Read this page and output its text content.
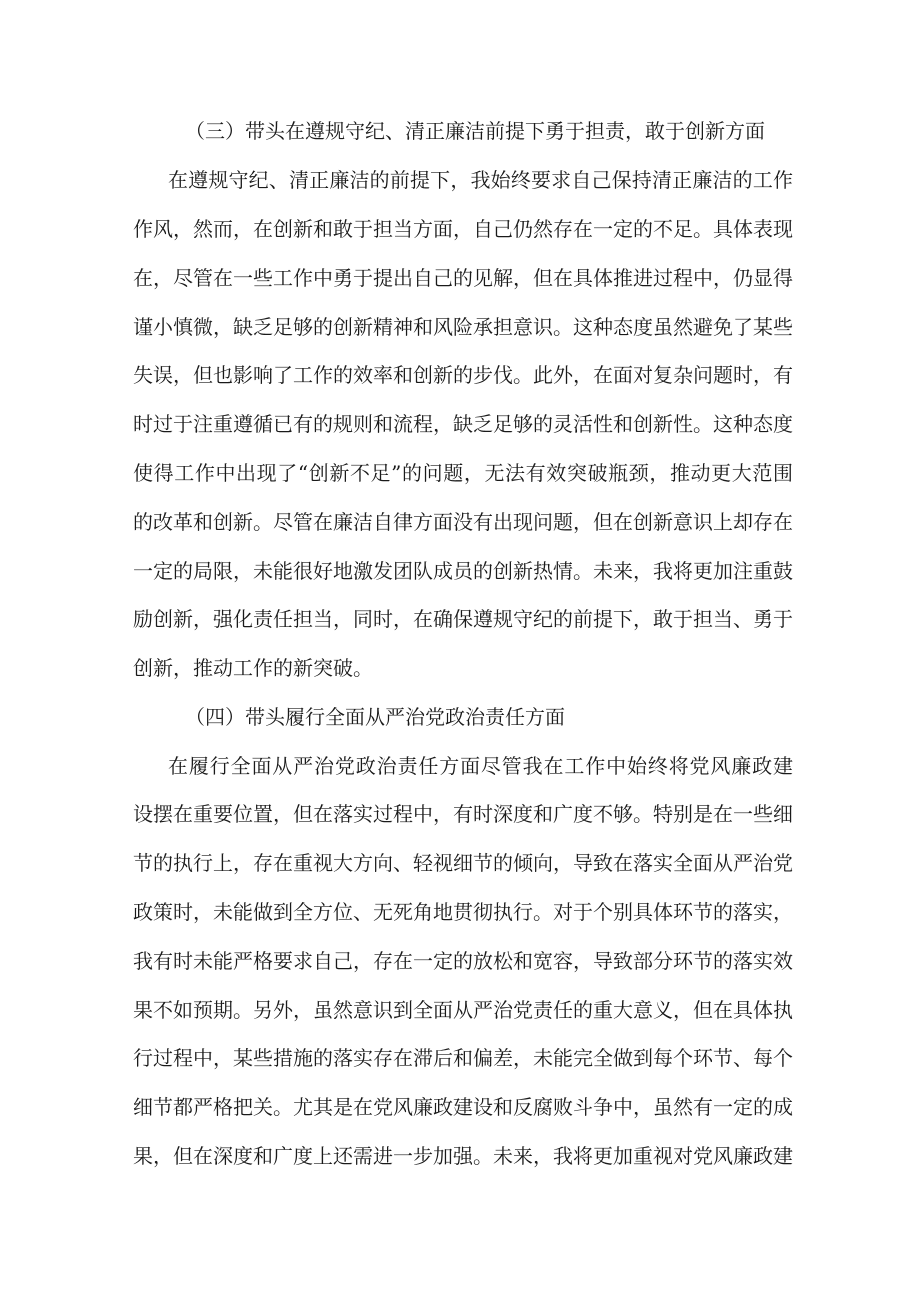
（三）带头在遵规守纪、清正廉洁前提下勇于担责，敢于创新方面
在遵规守纪、清正廉洁的前提下，我始终要求自己保持清正廉洁的工作
作风，然而，在创新和敢于担当方面，自己仍然存在一定的不足。具体表现
在，尽管在一些工作中勇于提出自己的见解，但在具体推进过程中，仍显得
谨小慎微，缺乏足够的创新精神和风险承担意识。这种态度虽然避免了某些
失误，但也影响了工作的效率和创新的步伐。此外，在面对复杂问题时，有
时过于注重遵循已有的规则和流程，缺乏足够的灵活性和创新性。这种态度
使得工作中出现了“创新不足”的问题，无法有效突破瓶颈，推动更大范围
的改革和创新。尽管在廉洁自律方面没有出现问题，但在创新意识上却存在
一定的局限，未能很好地激发团队成员的创新热情。未来，我将更加注重鼓
励创新，强化责任担当，同时，在确保遵规守纪的前提下，敢于担当、勇于
创新，推动工作的新突破。
（四）带头履行全面从严治党政治责任方面
在履行全面从严治党政治责任方面尽管我在工作中始终将党风廉政建
设摆在重要位置，但在落实过程中，有时深度和广度不够。特别是在一些细
节的执行上，存在重视大方向、轻视细节的倾向，导致在落实全面从严治党
政策时，未能做到全方位、无死角地贯彻执行。对于个别具体环节的落实，
我有时未能严格要求自己，存在一定的放松和宽容，导致部分环节的落实效
果不如预期。另外，虽然意识到全面从严治党责任的重大意义，但在具体执
行过程中，某些措施的落实存在滞后和偏差，未能完全做到每个环节、每个
细节都严格把关。尤其是在党风廉政建设和反腐败斗争中，虽然有一定的成
果，但在深度和广度上还需进一步加强。未来，我将更加重视对党风廉政建
